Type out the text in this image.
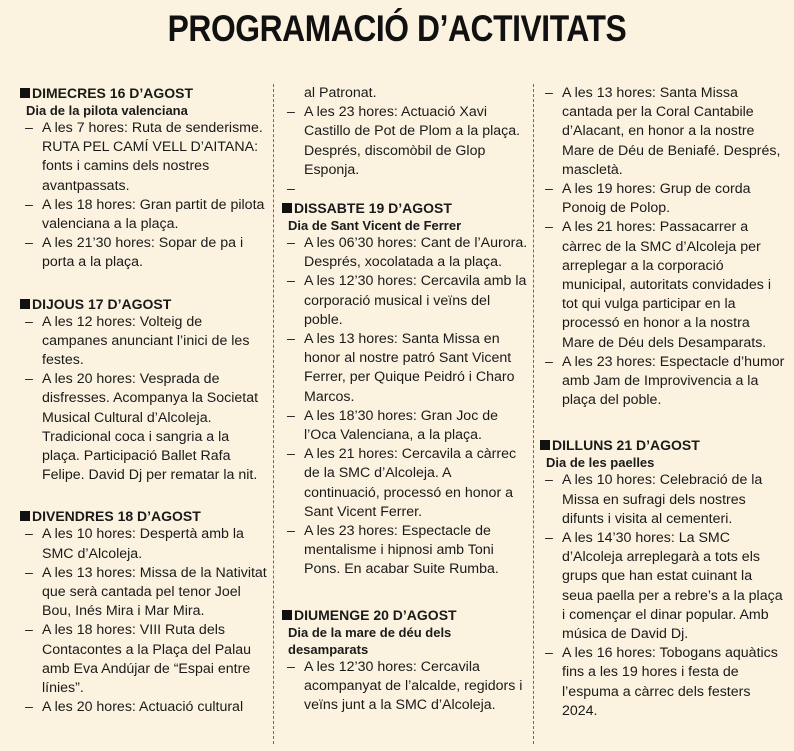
PROGRAMACIÓ D’ACTIVITATS
DIMECRES 16 D’AGOST
Dia de la pilota valenciana
– A les 7 hores: Ruta de senderisme. RUTA PEL CAMÍ VELL D’AITANA: fonts i camins dels nostres avantpassats.
– A les 18 hores: Gran partit de pilota valenciana a la plaça.
– A les 21’30 hores: Sopar de pa i porta a la plaça.
DIJOUS 17 D’AGOST
– A les 12 hores: Volteig de campanes anunciant l’inici de les festes.
– A les 20 hores: Vesprada de disfresses. Acompanya la Societat Musical Cultural d’Alcoleja. Tradicional coca i sangria a la plaça. Participació Ballet Rafa Felipe. David Dj per rematar la nit.
DIVENDRES 18 D’AGOST
– A les 10 hores: Despertà amb la SMC d’Alcoleja.
– A les 13 hores: Missa de la Nativitat que serà cantada pel tenor Joel Bou, Inés Mira i Mar Mira.
– A les 18 hores: VIII Ruta dels Contacontes a la Plaça del Palau amb Eva Andújar de “Espai entre línies”.
– A les 20 hores: Actuació cultural
al Patronat.
– A les 23 hores: Actuació Xavi Castillo de Pot de Plom a la plaça. Després, discomòbil de Glop Esponja.
–
DISSABTE 19 D’AGOST
Dia de Sant Vicent de Ferrer
– A les 06’30 hores: Cant de l’Aurora. Després, xocolatada a la plaça.
– A les 12’30 hores: Cercavila amb la corporació musical i veïns del poble.
– A les 13 hores: Santa Missa en honor al nostre patró Sant Vicent Ferrer, per Quique Peidró i Charo Marcos.
– A les 18’30 hores: Gran Joc de l’Oca Valenciana, a la plaça.
– A les 21 hores: Cercavila a càrrec de la SMC d’Alcoleja. A continuació, processó en honor a Sant Vicent Ferrer.
– A les 23 hores: Espectacle de mentalisme i hipnosi amb Toni Pons. En acabar Suite Rumba.
DIUMENGE 20 D’AGOST
Dia de la mare de déu dels desamparats
– A les 12’30 hores: Cercavila acompanyat de l’alcalde, regidors i veïns junt a la SMC d’Alcoleja.
– A les 13 hores: Santa Missa cantada per la Coral Cantabile d’Alacant, en honor a la nostre Mare de Déu de Beniafé. Després, mascletà.
– A les 19 hores: Grup de corda Ponoig de Polop.
– A les 21 hores: Passacarrer a càrrec de la SMC d’Alcoleja per arreplegar a la corporació municipal, autoritats convidades i tot qui vulga participar en la processó en honor a la nostra Mare de Déu dels Desamparats.
– A les 23 hores: Espectacle d’humor amb Jam de Improvivencia a la plaça del poble.
DILLUNS 21 D’AGOST
Dia de les paelles
– A les 10 hores: Celebració de la Missa en sufragi dels nostres difunts i visita al cementeri.
– A les 14’30 hores: La SMC d’Alcoleja arreplegarà a tots els grups que han estat cuinant la seua paella per a rebre’s a la plaça i començar el dinar popular. Amb música de David Dj.
– A les 16 hores: Tobogans aquàtics fins a les 19 hores i festa de l’espuma a càrrec dels festers 2024.
